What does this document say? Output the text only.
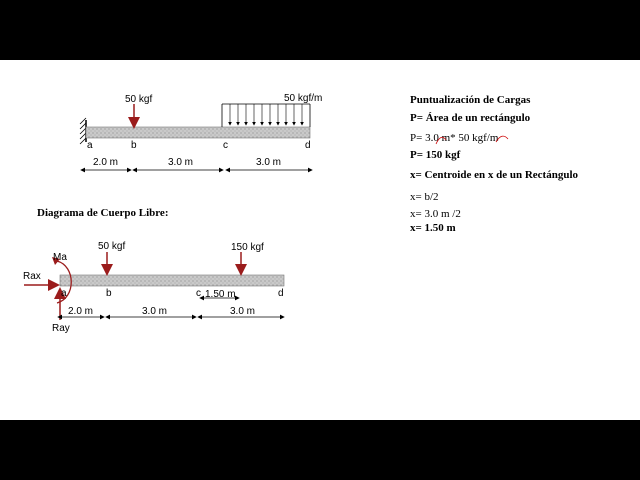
50 kgf	50 kgf/m
a	b	c	d
2.0 m	3.0 m	3.0 m
Diagrama de Cuerpo Libre:
Ma
Rax
Ray
50 kgf	150 kgf
a	b	c	d
1.50 m
2.0 m	3.0 m	3.0 m
Puntualización de Cargas
P= Área de un rectángulo
P= 3.0 m* 50 kgf/m
P= 150 kgf
x= Centroide en x de un Rectángulo
x= b/2
x= 3.0 m /2
x= 1.50 m
